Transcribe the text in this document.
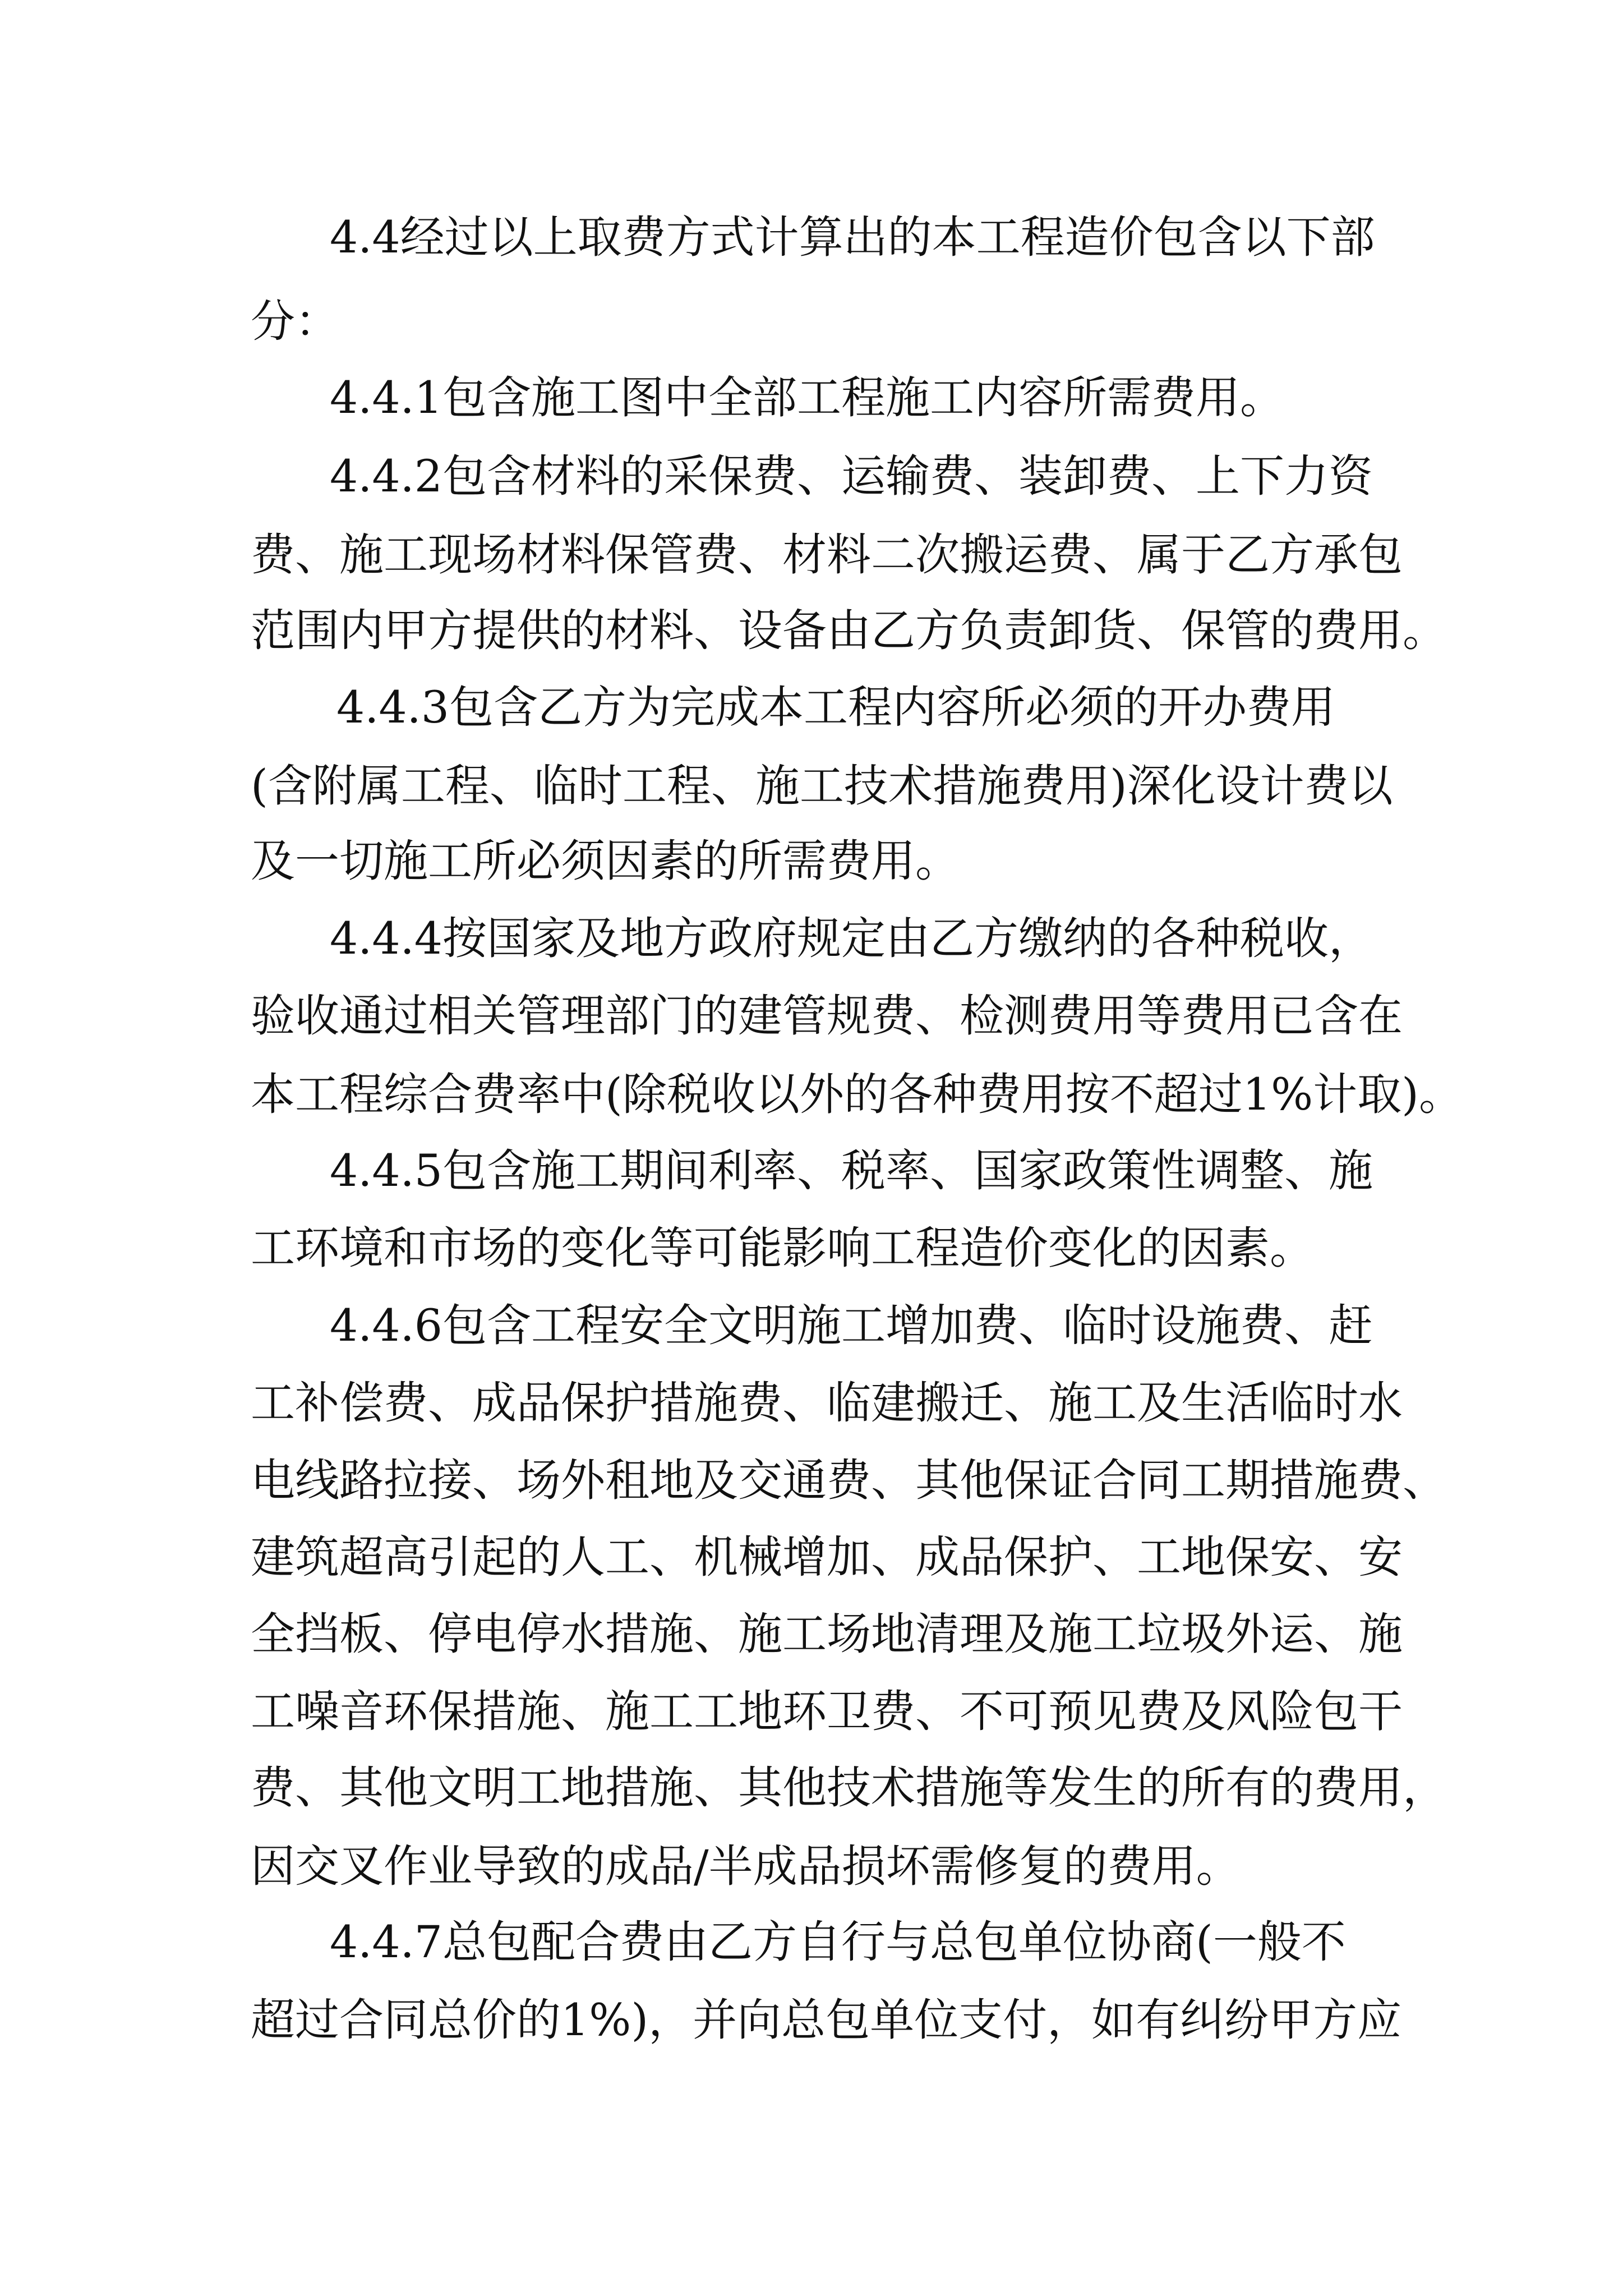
4.4经过以上取费方式计算出的本工程造价包含以下部

分：

4.4.1包含施工图中全部工程施工内容所需费用。

4.4.2包含材料的采保费、运输费、装卸费、上下力资

费、施工现场材料保管费、材料二次搬运费、属于乙方承包

范围内甲方提供的材料、设备由乙方负责卸货、保管的费用。

4.4.3包含乙方为完成本工程内容所必须的开办费用

(含附属工程、临时工程、施工技术措施费用)深化设计费以

及一切施工所必须因素的所需费用。

4.4.4按国家及地方政府规定由乙方缴纳的各种税收，

验收通过相关管理部门的建管规费、检测费用等费用已含在

本工程综合费率中(除税收以外的各种费用按不超过1%计取)。

4.4.5包含施工期间利率、税率、国家政策性调整、施

工环境和市场的变化等可能影响工程造价变化的因素。

4.4.6包含工程安全文明施工增加费、临时设施费、赶

工补偿费、成品保护措施费、临建搬迁、施工及生活临时水

电线路拉接、场外租地及交通费、其他保证合同工期措施费、

建筑超高引起的人工、机械增加、成品保护、工地保安、安

全挡板、停电停水措施、施工场地清理及施工垃圾外运、施

工噪音环保措施、施工工地环卫费、不可预见费及风险包干

费、其他文明工地措施、其他技术措施等发生的所有的费用，

因交叉作业导致的成品/半成品损坏需修复的费用。

4.4.7总包配合费由乙方自行与总包单位协商(一般不

超过合同总价的1%)，并向总包单位支付，如有纠纷甲方应
